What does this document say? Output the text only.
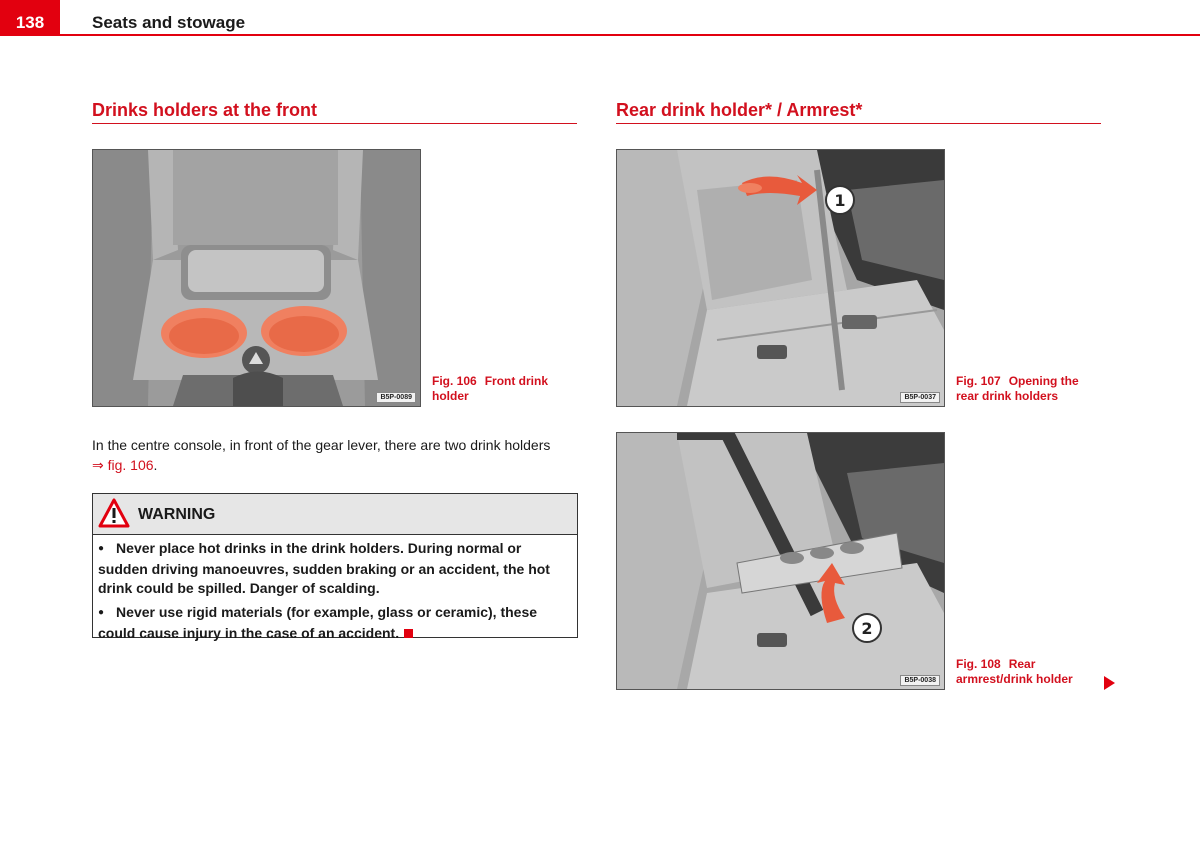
138	Seats and stowage
Drinks holders at the front
B5P-0089
Fig. 106 Front drink holder
In the centre console, in front of the gear lever, there are two drink holders
⇒ fig. 106.
WARNING
● Never place hot drinks in the drink holders. During normal or sudden driving manoeuvres, sudden braking or an accident, the hot drink could be spilled. Danger of scalding.
● Never use rigid materials (for example, glass or ceramic), these could cause injury in the case of an accident.
Rear drink holder* / Armrest*
1
B5P-0037
Fig. 107 Opening the rear drink holders
2
B5P-0038
Fig. 108 Rear armrest/drink holder
